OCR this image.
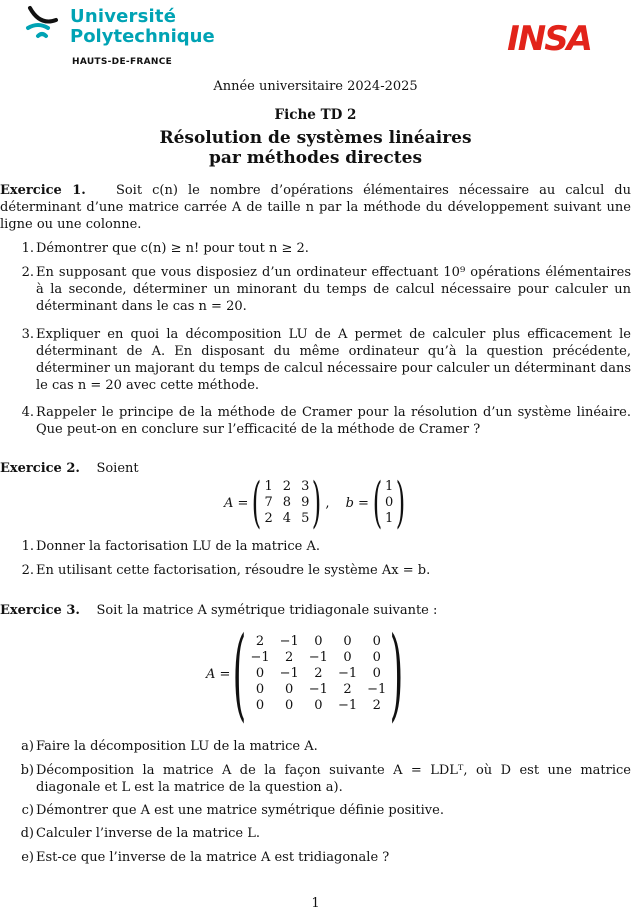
Université
Polytechnique
HAUTS-DE-FRANCE
INSA
Année universitaire 2024-2025
Fiche TD 2
Résolution de systèmes linéaires
par méthodes directes
Exercice 1. Soit c(n) le nombre d’opérations élémentaires nécessaire au calcul du déterminant d’une matrice carrée A de taille n par la méthode du développement suivant une ligne ou une colonne.
1. Démontrer que c(n) ≥ n! pour tout n ≥ 2.
2. En supposant que vous disposiez d’un ordinateur effectuant 10⁹ opérations élémentaires à la seconde, déterminer un minorant du temps de calcul nécessaire pour calculer un déterminant dans le cas n = 20.
3. Expliquer en quoi la décomposition LU de A permet de calculer plus efficacement le déterminant de A. En disposant du même ordinateur qu’à la question précédente, déterminer un majorant du temps de calcul nécessaire pour calculer un déterminant dans le cas n = 20 avec cette méthode.
4. Rappeler le principe de la méthode de Cramer pour la résolution d’un système linéaire. Que peut-on en conclure sur l’efficacité de la méthode de Cramer ?
Exercice 2. Soient
A = ( 1	2	3
7	8	9
2	4	5 ) , b = ( 1
0
1 )
1. Donner la factorisation LU de la matrice A.
2. En utilisant cette factorisation, résoudre le système Ax = b.
Exercice 3. Soit la matrice A symétrique tridiagonale suivante :
A = ( 2	−1	0	0	0
−1	2	−1	0	0
0	−1	2	−1	0
0	0	−1	2	−1
0	0	0	−1	2 )
a) Faire la décomposition LU de la matrice A.
b) Décomposition la matrice A de la façon suivante A = LDLᵀ, où D est une matrice diagonale et L est la matrice de la question a).
c) Démontrer que A est une matrice symétrique définie positive.
d) Calculer l’inverse de la matrice L.
e) Est-ce que l’inverse de la matrice A est tridiagonale ?
1
